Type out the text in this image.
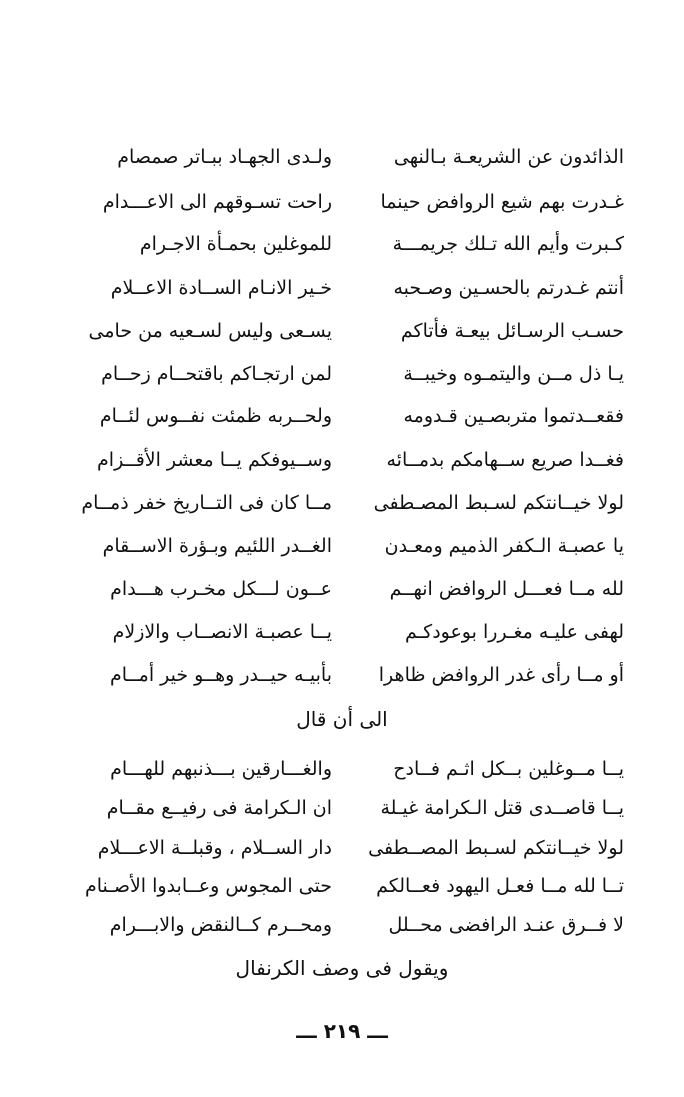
الذائدون عن الشريعـة بـالنهى
ولـدى الجهـاد ببـاتر صمصام
غـدرت بهم شيع الروافض حينما
راحت تسـوقهم الى الاعـــدام
كـبرت وأيم الله تـلك جريمـــة
للموغلين بحمـأة الاجـرام
أنتم غـدرتم بالحسـين وصـحبه
خـير الانـام الســادة الاعــلام
حسـب الرسـائل بيعـة فأتاكم
يسـعى وليس لسـعيه من حامى
يـا ذل مــن واليتمـوه وخيبــة
لمن ارتجـاكم باقتحــام زحــام
فقعــدتموا متربصـين قـدومه
ولحــربه ظمئت نفــوس لئــام
فغــدا صريع ســهامكم بدمــائه
وســيوفكم يــا معشر الأقــزام
لولا خيــانتكم لسـبط المصـطفى
مــا كان فى التــاريخ خفر ذمــام
يا عصبـة الـكفر الذميم ومعـدن
الغــدر اللئيم وبـؤرة الاســقام
لله مــا فعـــل الروافض انهــم
عــون لـــكل مخـرب هـــدام
لهفى عليـه مغـررا بوعودكـم
يــا عصبـة الانصــاب والازلام
أو مــا رأى غدر الروافض ظاهرا
بأبيـه حيــدر وهــو خير أمــام
الى أن قال
يــا مــوغلين بــكل اثـم فــادح
والغـــارقين بـــذنبهم للهـــام
يــا قاصــدى قتل الـكرامة غيـلة
ان الـكرامة فى رفيــع مقــام
لولا خيــانتكم لسـبط المصــطفى
دار الســلام ، وقبلــة الاعـــلام
تــا لله مــا فعـل اليهود فعــالكم
حتى المجوس وعــابدوا الأصـنام
لا فــرق عنـد الرافضى محــلل
ومحــرم كــالنقض والابـــرام
ويقول فى وصف الكرنفال
ـــ ٢١٩ ـــ
